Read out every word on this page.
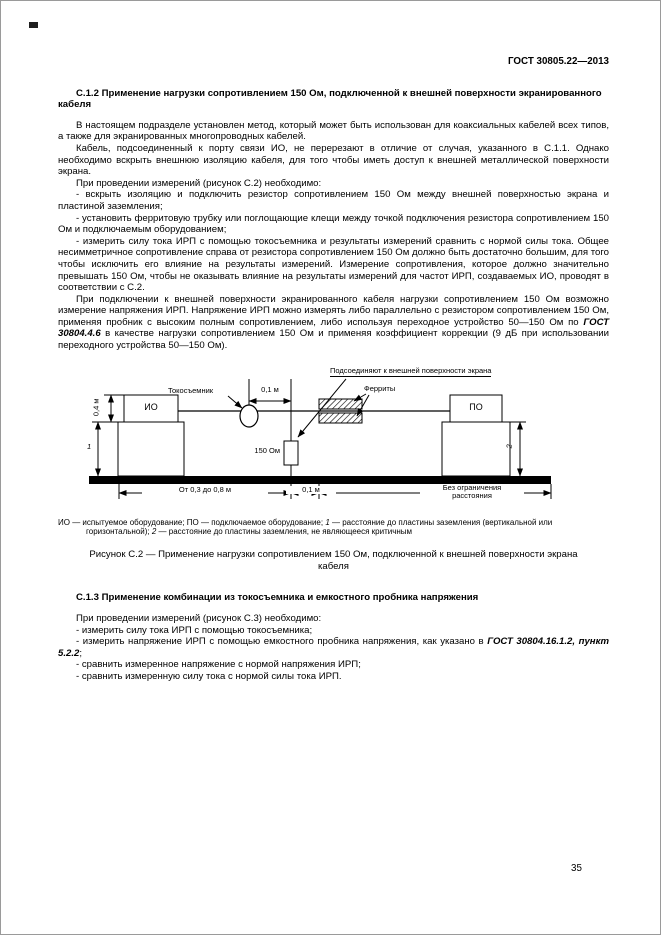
ГОСТ 30805.22—2013
С.1.2 Применение нагрузки сопротивлением 150 Ом, подключенной к внешней поверхности экранированного кабеля

В настоящем подразделе установлен метод, который может быть использован для коаксиальных кабелей всех типов, а также для экранированных многопроводных кабелей.

Кабель, подсоединенный к порту связи ИО, не перерезают в отличие от случая, указанного в С.1.1. Однако необходимо вскрыть внешнюю изоляцию кабеля, для того чтобы иметь доступ к внешней металлической поверхности экрана.

При проведении измерений (рисунок С.2) необходимо:

- вскрыть изоляцию и подключить резистор сопротивлением 150 Ом между внешней поверхностью экрана и пластиной заземления;

- установить ферритовую трубку или поглощающие клещи между точкой подключения резистора сопротивлением 150 Ом и подключаемым оборудованием;

- измерить силу тока ИРП с помощью токосъемника и результаты измерений сравнить с нормой силы тока. Общее несимметричное сопротивление справа от резистора сопротивлением 150 Ом должно быть достаточно большим, для того чтобы исключить его влияние на результаты измерений. Измерение сопротивления, которое должно значительно превышать 150 Ом, чтобы не оказывать влияние на результаты измерений для частот ИРП, создаваемых ИО, проводят в соответствии с С.2.

При подключении к внешней поверхности экранированного кабеля нагрузки сопротивлением 150 Ом возможно измерение напряжения ИРП. Напряжение ИРП можно измерять либо параллельно с резистором сопротивлением 150 Ом, применяя пробник с высоким полным сопротивлением, либо используя переходное устройство 50—150 Ом по ГОСТ 30804.4.6 в качестве нагрузки сопротивлением 150 Ом и применяя коэффициент коррекции (9 дБ при использовании переходного устройства 50—150 Ом).

Подсоединяют к внешней поверхности экрана
Токосъемник	Ферриты
ИО	ПО
0,1 м
150 Ом
0,4 м
1	2
От 0,3 до 0,8 м	0,1 м	Без ограничения
расстояния

ИО — испытуемое оборудование; ПО — подключаемое оборудование; 1 — расстояние до пластины заземления (вертикальной или горизонтальной); 2 — расстояние до пластины заземления, не являющееся критичным

Рисунок С.2 — Применение нагрузки сопротивлением 150 Ом, подключенной к внешней поверхности экрана кабеля

С.1.3 Применение комбинации из токосъемника и емкостного пробника напряжения

При проведении измерений (рисунок С.3) необходимо:

- измерить силу тока ИРП с помощью токосъемника;

- измерить напряжение ИРП с помощью емкостного пробника напряжения, как указано в ГОСТ 30804.16.1.2, пункт 5.2.2;

- сравнить измеренное напряжение с нормой напряжения ИРП;

- сравнить измеренную силу тока с нормой силы тока ИРП.

35
